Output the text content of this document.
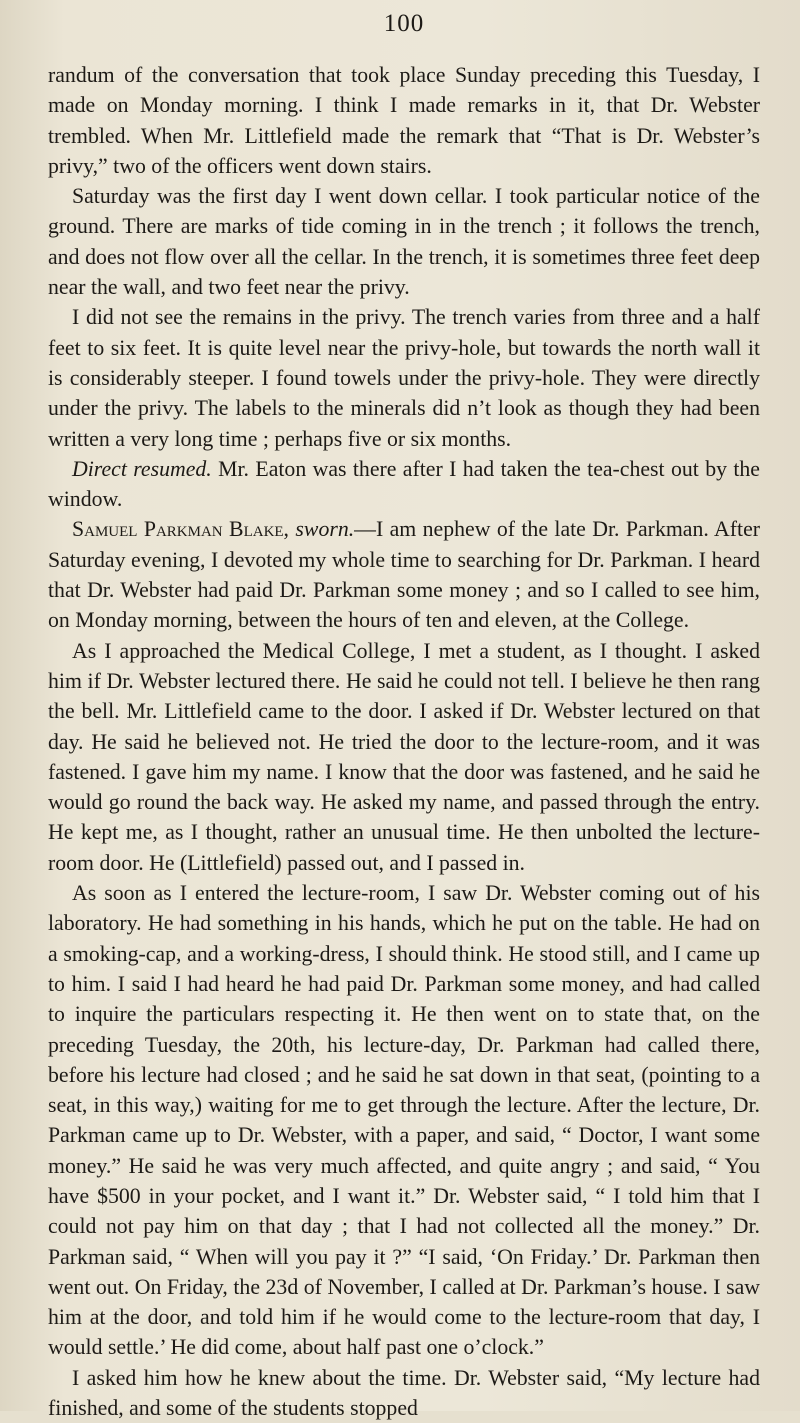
100

randum of the conversation that took place Sunday preceding this Tuesday, I made on Monday morning. I think I made remarks in it, that Dr. Webster trembled. When Mr. Littlefield made the remark that “That is Dr. Webster’s privy,” two of the officers went down stairs.

Saturday was the first day I went down cellar. I took particular notice of the ground. There are marks of tide coming in in the trench ; it follows the trench, and does not flow over all the cellar. In the trench, it is sometimes three feet deep near the wall, and two feet near the privy.

I did not see the remains in the privy. The trench varies from three and a half feet to six feet. It is quite level near the privy-hole, but towards the north wall it is considerably steeper. I found towels under the privy-hole. They were directly under the privy. The labels to the minerals did n’t look as though they had been written a very long time ; perhaps five or six months.

Direct resumed. Mr. Eaton was there after I had taken the tea-chest out by the window.

Samuel Parkman Blake, sworn.—I am nephew of the late Dr. Parkman. After Saturday evening, I devoted my whole time to searching for Dr. Parkman. I heard that Dr. Webster had paid Dr. Parkman some money ; and so I called to see him, on Monday morning, between the hours of ten and eleven, at the College.

As I approached the Medical College, I met a student, as I thought. I asked him if Dr. Webster lectured there. He said he could not tell. I believe he then rang the bell. Mr. Littlefield came to the door. I asked if Dr. Webster lectured on that day. He said he believed not. He tried the door to the lecture-room, and it was fastened. I gave him my name. I know that the door was fastened, and he said he would go round the back way. He asked my name, and passed through the entry. He kept me, as I thought, rather an unusual time. He then unbolted the lecture-room door. He (Littlefield) passed out, and I passed in.

As soon as I entered the lecture-room, I saw Dr. Webster coming out of his laboratory. He had something in his hands, which he put on the table. He had on a smoking-cap, and a working-dress, I should think. He stood still, and I came up to him. I said I had heard he had paid Dr. Parkman some money, and had called to inquire the particulars respecting it. He then went on to state that, on the preceding Tuesday, the 20th, his lecture-day, Dr. Parkman had called there, before his lecture had closed ; and he said he sat down in that seat, (pointing to a seat, in this way,) waiting for me to get through the lecture. After the lecture, Dr. Parkman came up to Dr. Webster, with a paper, and said, “ Doctor, I want some money.” He said he was very much affected, and quite angry ; and said, “ You have $500 in your pocket, and I want it.” Dr. Webster said, “ I told him that I could not pay him on that day ; that I had not collected all the money.” Dr. Parkman said, “ When will you pay it ?” “I said, ‘On Friday.’ Dr. Parkman then went out. On Friday, the 23d of November, I called at Dr. Parkman’s house. I saw him at the door, and told him if he would come to the lecture-room that day, I would settle.’ He did come, about half past one o’clock.”

I asked him how he knew about the time. Dr. Webster said, “My lecture had finished, and some of the students stopped
